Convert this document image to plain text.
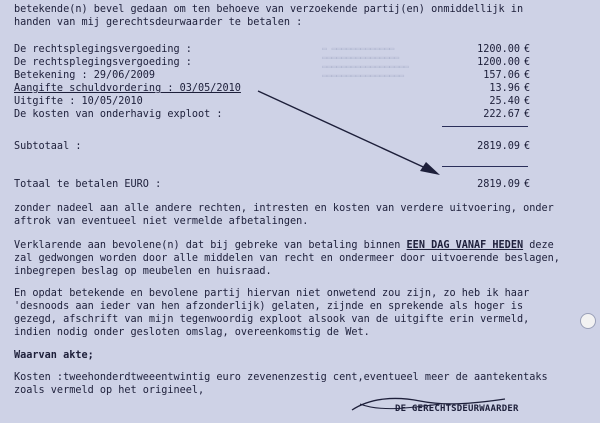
▭ ▭▭▭▭▭▭▭▭▭▭▭▭▭
▭▭▭▭▭▭▭▭▭▭▭▭▭▭▭▭
▭▭▭▭▭▭▭▭▭▭▭▭▭▭▭▭▭▭
▭▭▭▭▭▭▭▭▭▭▭▭▭▭▭▭▭
betekende(n) bevel gedaan om ten behoeve van verzoekende partij(en) onmiddellijk in
handen van mij gerechtsdeurwaarder te betalen :
De rechtsplegingsvergoeding :	1200.00 €
De rechtsplegingsvergoeding :	1200.00 €
Betekening : 29/06/2009	157.06 €
Aangifte schuldvordering : 03/05/2010	13.96 €
Uitgifte : 10/05/2010	25.40 €
De kosten van onderhavig exploot :	222.67 €
Subtotaal :	2819.09 €
Totaal te betalen EURO :	2819.09 €
zonder nadeel aan alle andere rechten, intresten en kosten van verdere uitvoering, onder
aftrok van eventueel niet vermelde afbetalingen.
Verklarende aan bevolene(n) dat bij gebreke van betaling binnen EEN DAG VANAF HEDEN deze
zal gedwongen worden door alle middelen van recht en ondermeer door uitvoerende beslagen,
inbegrepen beslag op meubelen en huisraad.
En opdat betekende en bevolene partij hiervan niet onwetend zou zijn, zo heb ik haar
'desnoods aan ieder van hen afzonderlijk) gelaten, zijnde en sprekende als hoger is
gezegd, afschrift van mijn tegenwoordig exploot alsook van de uitgifte erin vermeld,
indien nodig onder gesloten omslag, overeenkomstig de Wet.
Waarvan akte;
Kosten :tweehonderdtweeentwintig euro zevenenzestig cent,eventueel meer de aantekentaks
zoals vermeld op het origineel,
DE GERECHTSDEURWAARDER
